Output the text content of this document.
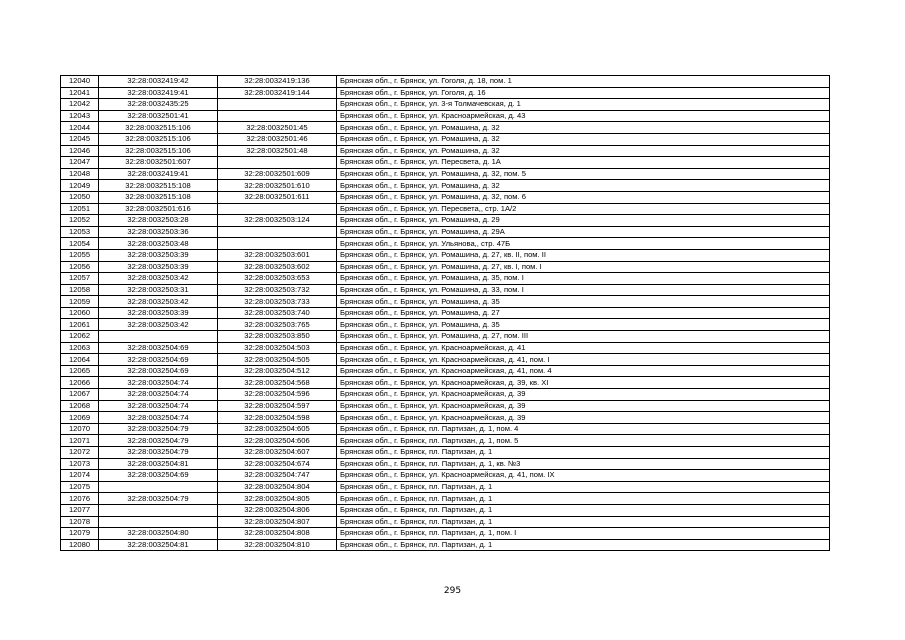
12040	32:28:0032419:42	32:28:0032419:136	Брянская обл., г. Брянск, ул. Гоголя, д. 18, пом. 1
12041	32:28:0032419:41	32:28:0032419:144	Брянская обл., г. Брянск, ул. Гоголя, д. 16
12042	32:28:0032435:25		Брянская обл., г. Брянск, ул. 3-я Толмачевская, д. 1
12043	32:28:0032501:41		Брянская обл., г. Брянск, ул. Красноармейская, д. 43
12044	32:28:0032515:106	32:28:0032501:45	Брянская обл., г. Брянск, ул. Ромашина, д. 32
12045	32:28:0032515:106	32:28:0032501:46	Брянская обл., г. Брянск, ул. Ромашина, д. 32
12046	32:28:0032515:106	32:28:0032501:48	Брянская обл., г. Брянск, ул. Ромашина, д. 32
12047	32:28:0032501:607		Брянская обл., г. Брянск, ул. Пересвета, д. 1А
12048	32:28:0032419:41	32:28:0032501:609	Брянская обл., г. Брянск, ул. Ромашина, д. 32, пом. 5
12049	32:28:0032515:108	32:28:0032501:610	Брянская обл., г. Брянск, ул. Ромашина, д. 32
12050	32:28:0032515:108	32:28:0032501:611	Брянская обл., г. Брянск, ул. Ромашина, д. 32, пом. 6
12051	32:28:0032501:616		Брянская обл., г. Брянск, ул. Пересвета,, стр. 1А/2
12052	32:28:0032503:28	32:28:0032503:124	Брянская обл., г. Брянск, ул. Ромашина, д. 29
12053	32:28:0032503:36		Брянская обл., г. Брянск, ул. Ромашина, д. 29А
12054	32:28:0032503:48		Брянская обл., г. Брянск, ул. Ульянова,, стр. 47Б
12055	32:28:0032503:39	32:28:0032503:601	Брянская обл., г. Брянск, ул. Ромашина, д. 27, кв. II, пом. II
12056	32:28:0032503:39	32:28:0032503:602	Брянская обл., г. Брянск, ул. Ромашина, д. 27, кв. I, пом. I
12057	32:28:0032503:42	32:28:0032503:653	Брянская обл., г. Брянск, ул. Ромашина, д. 35, пом. I
12058	32:28:0032503:31	32:28:0032503:732	Брянская обл., г. Брянск, ул. Ромашина, д. 33, пом. I
12059	32:28:0032503:42	32:28:0032503:733	Брянская обл., г. Брянск, ул. Ромашина, д. 35
12060	32:28:0032503:39	32:28:0032503:740	Брянская обл., г. Брянск, ул. Ромашина, д. 27
12061	32:28:0032503:42	32:28:0032503:765	Брянская обл., г. Брянск, ул. Ромашина, д. 35
12062		32:28:0032503:850	Брянская обл., г. Брянск, ул. Ромашина, д. 27, пом. III
12063	32:28:0032504:69	32:28:0032504:503	Брянская обл., г. Брянск, ул. Красноармейская, д. 41
12064	32:28:0032504:69	32:28:0032504:505	Брянская обл., г. Брянск, ул. Красноармейская, д. 41, пом. I
12065	32:28:0032504:69	32:28:0032504:512	Брянская обл., г. Брянск, ул. Красноармейская, д. 41, пом. 4
12066	32:28:0032504:74	32:28:0032504:568	Брянская обл., г. Брянск, ул. Красноармейская, д. 39, кв. XI
12067	32:28:0032504:74	32:28:0032504:596	Брянская обл., г. Брянск, ул. Красноармейская, д. 39
12068	32:28:0032504:74	32:28:0032504:597	Брянская обл., г. Брянск, ул. Красноармейская, д. 39
12069	32:28:0032504:74	32:28:0032504:598	Брянская обл., г. Брянск, ул. Красноармейская, д. 39
12070	32:28:0032504:79	32:28:0032504:605	Брянская обл., г. Брянск, пл. Партизан, д. 1, пом. 4
12071	32:28:0032504:79	32:28:0032504:606	Брянская обл., г. Брянск, пл. Партизан, д. 1, пом. 5
12072	32:28:0032504:79	32:28:0032504:607	Брянская обл., г. Брянск, пл. Партизан, д. 1
12073	32:28:0032504:81	32:28:0032504:674	Брянская обл., г. Брянск, пл. Партизан, д. 1, кв. №3
12074	32:28:0032504:69	32:28:0032504:747	Брянская обл., г. Брянск, ул. Красноармейская, д. 41, пом. IX
12075		32:28:0032504:804	Брянская обл., г. Брянск, пл. Партизан, д. 1
12076	32:28:0032504:79	32:28:0032504:805	Брянская обл., г. Брянск, пл. Партизан, д. 1
12077		32:28:0032504:806	Брянская обл., г. Брянск, пл. Партизан, д. 1
12078		32:28:0032504:807	Брянская обл., г. Брянск, пл. Партизан, д. 1
12079	32:28:0032504:80	32:28:0032504:808	Брянская обл., г. Брянск, пл. Партизан, д. 1, пом. I
12080	32:28:0032504:81	32:28:0032504:810	Брянская обл., г. Брянск, пл. Партизан, д. 1
295
